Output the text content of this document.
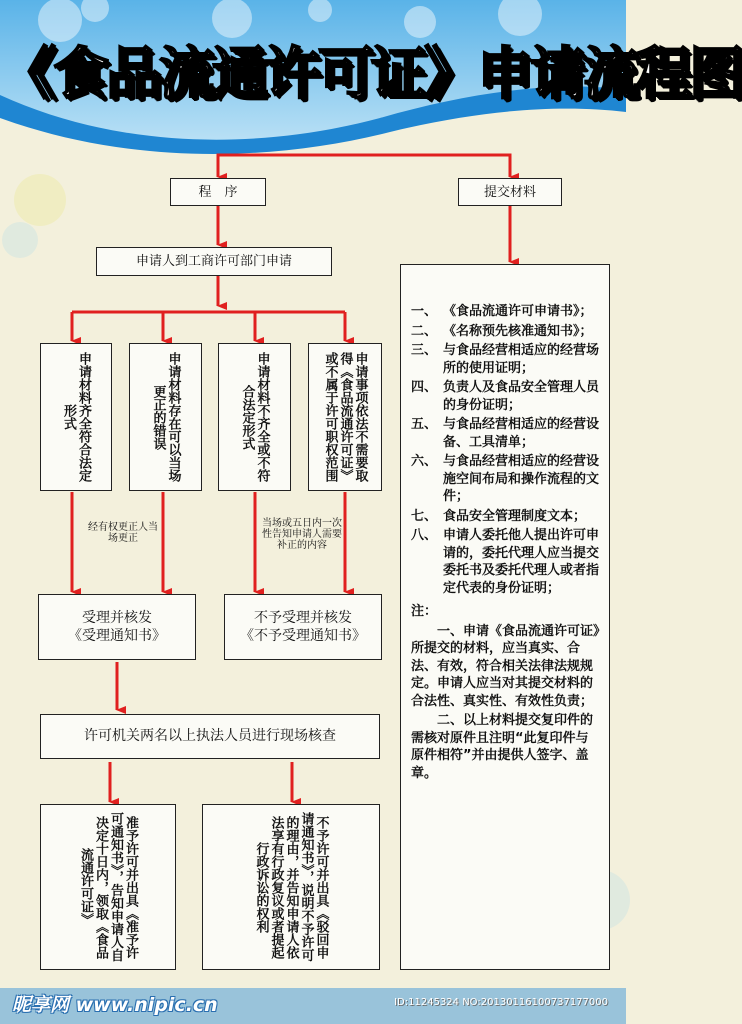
《食品流通许可证》申请流程图
程　序	提交材料
申请人到工商许可部门申请
申请材料齐全符合法定形式	申请材料存在可以当场更正的错误	申请材料不齐全或不符合法定形式	申请事项依法不需要取得《食品流通许可证》或不属于许可职权范围
经有权更正人当场更正
当场或五日内一次性告知申请人需要补正的内容
受理并核发
《受理通知书》
不予受理并核发
《不予受理通知书》
许可机关两名以上执法人员进行现场核查
准予许可并出具《准予许可通知书》，告知申请人自决定十日内，领取《食品流通许可证》	不予许可并出具《驳回申请通知书》，说明不予许可的理由，并告知申请人依法享有行政复议或者提起行政诉讼的权利
一、 《食品流通许可申请书》；
二、 《名称预先核准通知书》；
三、 与食品经营相适应的经营场所的使用证明；
四、 负责人及食品安全管理人员的身份证明；
五、 与食品经营相适应的经营设备、工具清单；
六、 与食品经营相适应的经营设施空间布局和操作流程的文件；
七、 食品安全管理制度文本；
八、 申请人委托他人提出许可申请的，委托代理人应当提交委托书及委托代理人或者指定代表的身份证明；
注：
一、申请《食品流通许可证》所提交的材料，应当真实、合法、有效，符合相关法律法规规定。申请人应当对其提交材料的合法性、真实性、有效性负责；
二、以上材料提交复印件的需核对原件且注明“此复印件与原件相符”并由提供人签字、盖章。
昵享网 www.nipic.cn	ID:11245324 NO:20130116100737177000
